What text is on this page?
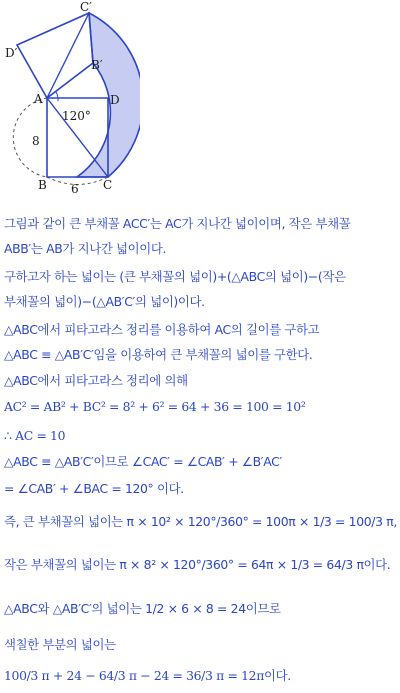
C′
D′
B′
A	D
B	C
120°
8
6
그림과 같이 큰 부채꼴 ACC′는 AC가 지나간 넓이이며, 작은 부채꼴
ABB′는 AB가 지나간 넓이이다.
구하고자 하는 넓이는 (큰 부채꼴의 넓이)+(△ABC의 넓이)−(작은
부채꼴의 넓이)−(△AB′C′의 넓이)이다.
△ABC에서 피타고라스 정리를 이용하여 AC의 길이를 구하고
△ABC ≡ △AB′C′임을 이용하여 큰 부채꼴의 넓이를 구한다.
△ABC에서 피타고라스 정리에 의해
AC² = AB² + BC² = 8² + 6² = 64 + 36 = 100 = 10²
∴ AC = 10
△ABC ≡ △AB′C′이므로 ∠CAC′ = ∠CAB′ + ∠B′AC′
= ∠CAB′ + ∠BAC = 120° 이다.
즉, 큰 부채꼴의 넓이는 π × 10² × 120°/360° = 100π × 1/3 = 100/3 π,
작은 부채꼴의 넓이는 π × 8² × 120°/360° = 64π × 1/3 = 64/3 π이다.
△ABC와 △AB′C′의 넓이는 1/2 × 6 × 8 = 24이므로
색칠한 부분의 넓이는
100/3 π + 24 − 64/3 π − 24 = 36/3 π = 12π이다.
